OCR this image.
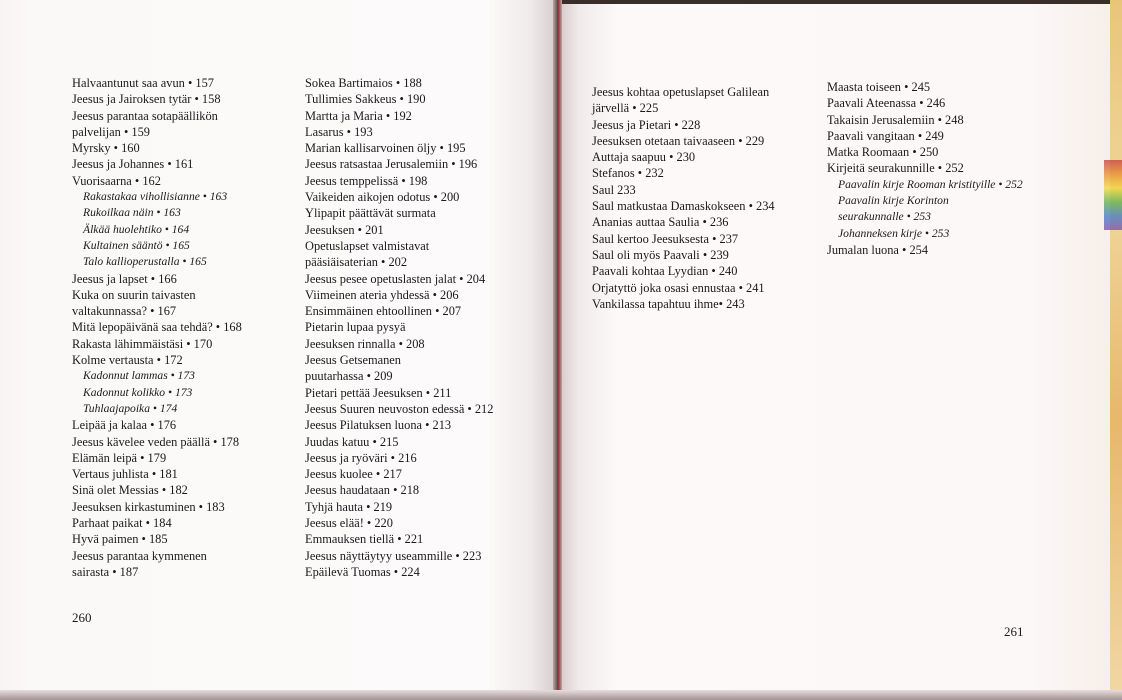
Halvaantunut saa avun • 157
Jeesus ja Jairoksen tytär • 158
Jeesus parantaa sotapäällikön
palvelijan • 159
Myrsky • 160
Jeesus ja Johannes • 161
Vuorisaarna • 162
Rakastakaa vihollisianne • 163
Rukoilkaa näin • 163
Älkää huolehtiko • 164
Kultainen sääntö • 165
Talo kallioperustalla • 165
Jeesus ja lapset • 166
Kuka on suurin taivasten
valtakunnassa? • 167
Mitä lepopäivänä saa tehdä? • 168
Rakasta lähimmäistäsi • 170
Kolme vertausta • 172
Kadonnut lammas • 173
Kadonnut kolikko • 173
Tuhlaajapoika • 174
Leipää ja kalaa • 176
Jeesus kävelee veden päällä • 178
Elämän leipä • 179
Vertaus juhlista • 181
Sinä olet Messias • 182
Jeesuksen kirkastuminen • 183
Parhaat paikat • 184
Hyvä paimen • 185
Jeesus parantaa kymmenen
sairasta • 187
Sokea Bartimaios • 188
Tullimies Sakkeus • 190
Martta ja Maria • 192
Lasarus • 193
Marian kallisarvoinen öljy • 195
Jeesus ratsastaa Jerusalemiin • 196
Jeesus temppelissä • 198
Vaikeiden aikojen odotus • 200
Ylipapit päättävät surmata
Jeesuksen • 201
Opetuslapset valmistavat
pääsiäisaterian • 202
Jeesus pesee opetuslasten jalat • 204
Viimeinen ateria yhdessä • 206
Ensimmäinen ehtoollinen • 207
Pietarin lupaa pysyä
Jeesuksen rinnalla • 208
Jeesus Getsemanen
puutarhassa • 209
Pietari pettää Jeesuksen • 211
Jeesus Suuren neuvoston edessä • 212
Jeesus Pilatuksen luona • 213
Juudas katuu • 215
Jeesus ja ryöväri • 216
Jeesus kuolee • 217
Jeesus haudataan • 218
Tyhjä hauta • 219
Jeesus elää! • 220
Emmauksen tiellä • 221
Jeesus näyttäytyy useammille • 223
Epäilevä Tuomas • 224
260
Jeesus kohtaa opetuslapset Galilean
järvellä • 225
Jeesus ja Pietari • 228
Jeesuksen otetaan taivaaseen • 229
Auttaja saapuu • 230
Stefanos • 232
Saul 233
Saul matkustaa Damaskokseen • 234
Ananias auttaa Saulia • 236
Saul kertoo Jeesuksesta • 237
Saul oli myös Paavali • 239
Paavali kohtaa Lyydian • 240
Orjatyttö joka osasi ennustaa • 241
Vankilassa tapahtuu ihme• 243
Maasta toiseen • 245
Paavali Ateenassa • 246
Takaisin Jerusalemiin • 248
Paavali vangitaan • 249
Matka Roomaan • 250
Kirjeitä seurakunnille • 252
Paavalin kirje Rooman kristityille • 252
Paavalin kirje Korinton
seurakunnalle • 253
Johanneksen kirje • 253
Jumalan luona • 254
261
